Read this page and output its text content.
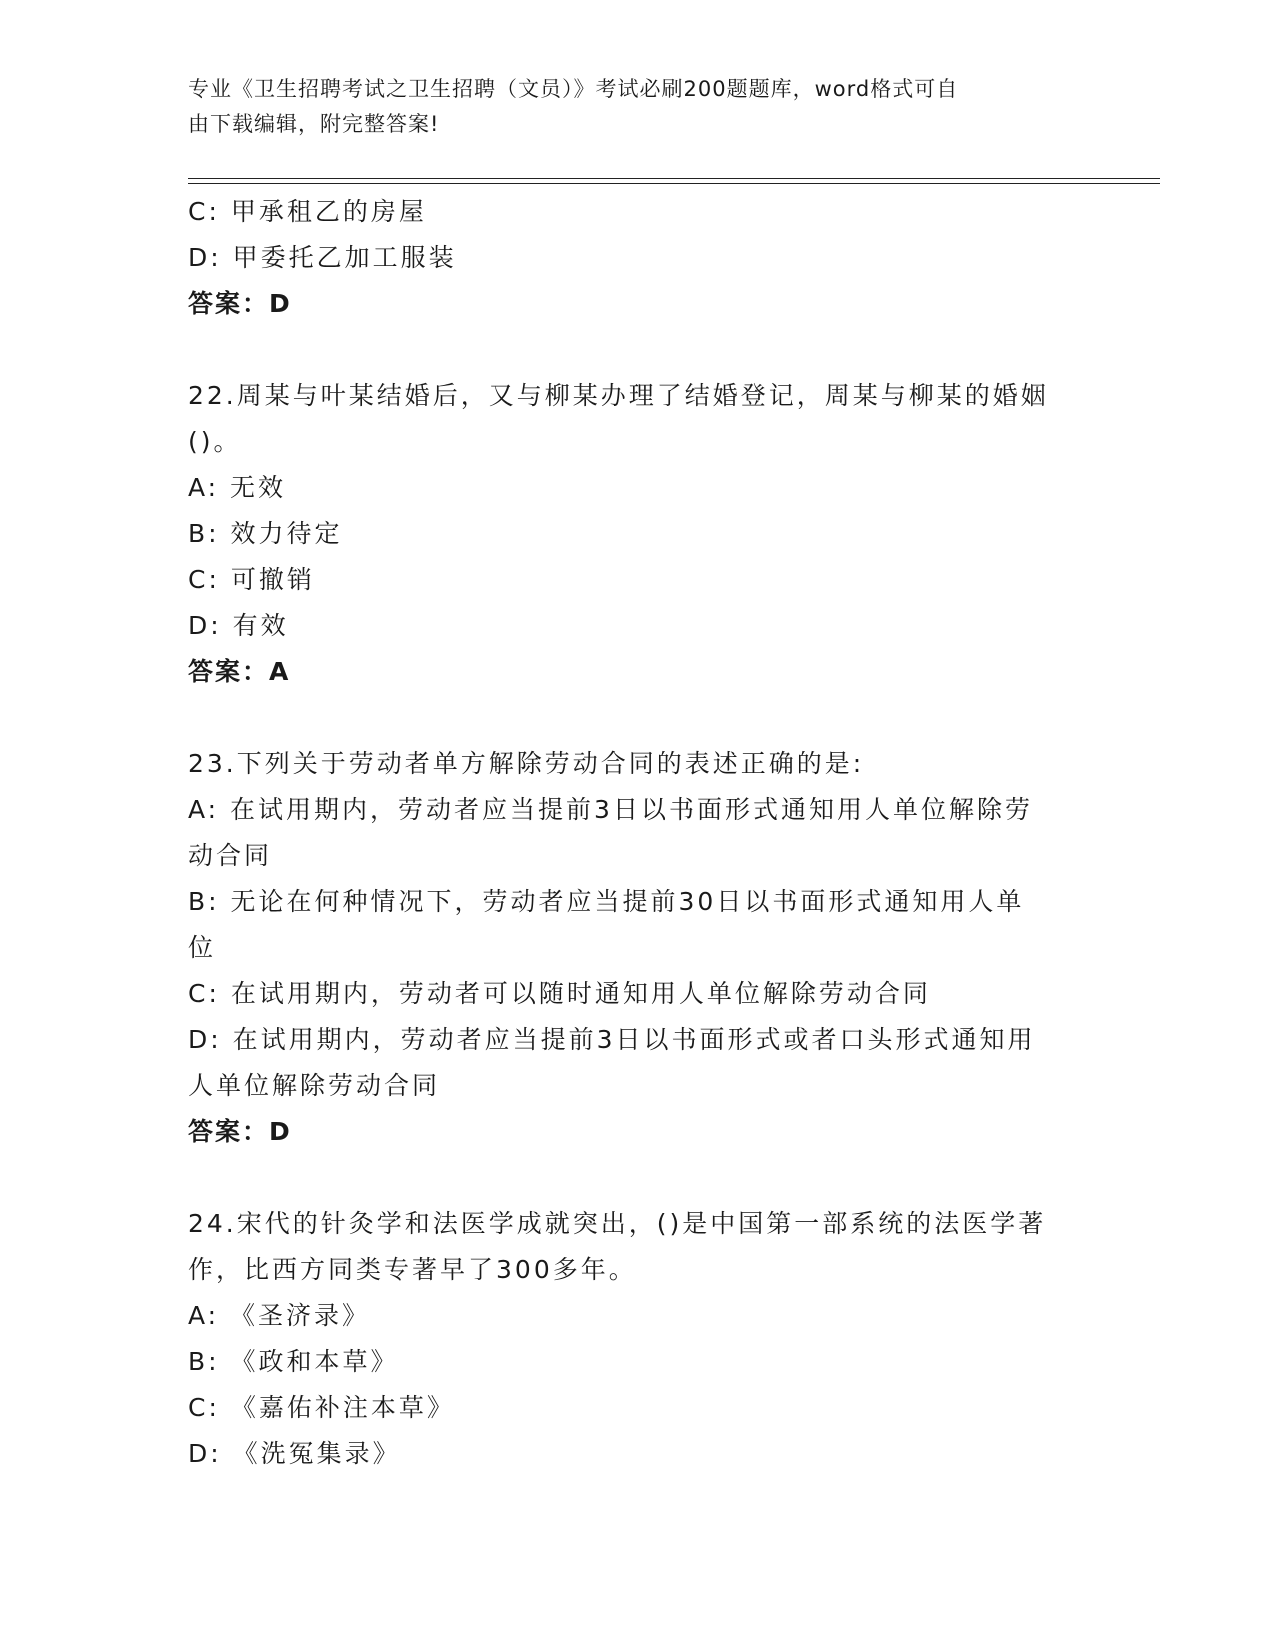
专业《卫生招聘考试之卫生招聘（文员）》考试必刷200题题库，word格式可自
由下载编辑，附完整答案!
C: 甲承租乙的房屋
D: 甲委托乙加工服装
答案：D
22.周某与叶某结婚后，又与柳某办理了结婚登记，周某与柳某的婚姻
()。
A: 无效
B: 效力待定
C: 可撤销
D: 有效
答案：A
23.下列关于劳动者单方解除劳动合同的表述正确的是:
A: 在试用期内，劳动者应当提前3日以书面形式通知用人单位解除劳
动合同
B: 无论在何种情况下，劳动者应当提前30日以书面形式通知用人单
位
C: 在试用期内，劳动者可以随时通知用人单位解除劳动合同
D: 在试用期内，劳动者应当提前3日以书面形式或者口头形式通知用
人单位解除劳动合同
答案：D
24.宋代的针灸学和法医学成就突出，()是中国第一部系统的法医学著
作，比西方同类专著早了300多年。
A: 《圣济录》
B: 《政和本草》
C: 《嘉佑补注本草》
D: 《洗冤集录》
